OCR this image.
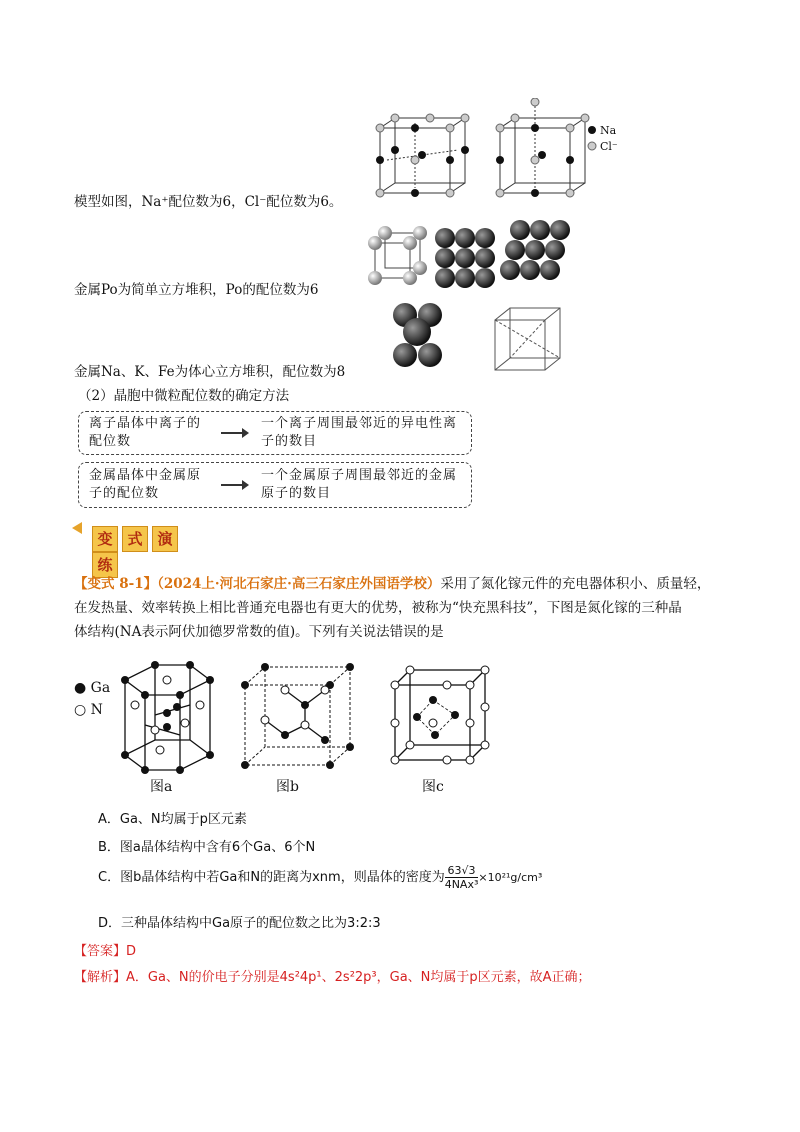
Na
Cl⁻
模型如图，Na⁺配位数为6，Cl⁻配位数为6。
金属Po为简单立方堆积，Po的配位数为6
金属Na、K、Fe为体心立方堆积，配位数为8
（2）晶胞中微粒配位数的确定方法
离子晶体中离子的
配位数
一个离子周围最邻近的异电性离
子的数目
金属晶体中金属原
子的配位数
一个金属原子周围最邻近的金属
原子的数目
变 式 演练
【变式 8-1】（2024上·河北石家庄·高三石家庄外国语学校）采用了氮化镓元件的充电器体积小、质量轻，
在发热量、效率转换上相比普通充电器也有更大的优势，被称为“快充黑科技”，下图是氮化镓的三种晶
体结构(NA表示阿伏加德罗常数的值)。下列有关说法错误的是
● Ga
○ N
图a	图b	图c
A．Ga、N均属于p区元素
B．图a晶体结构中含有6个Ga、6个N
C．图b晶体结构中若Ga和N的距离为xnm，则晶体的密度为 $\frac{63√3}{\text{4NAx³}} \times 10^{21}g/cm^3$
D．三种晶体结构中Ga原子的配位数之比为3:2:3
【答案】D
【解析】A．Ga、N的价电子分别是4s²4p¹、2s²2p³，Ga、N均属于p区元素，故A正确；
